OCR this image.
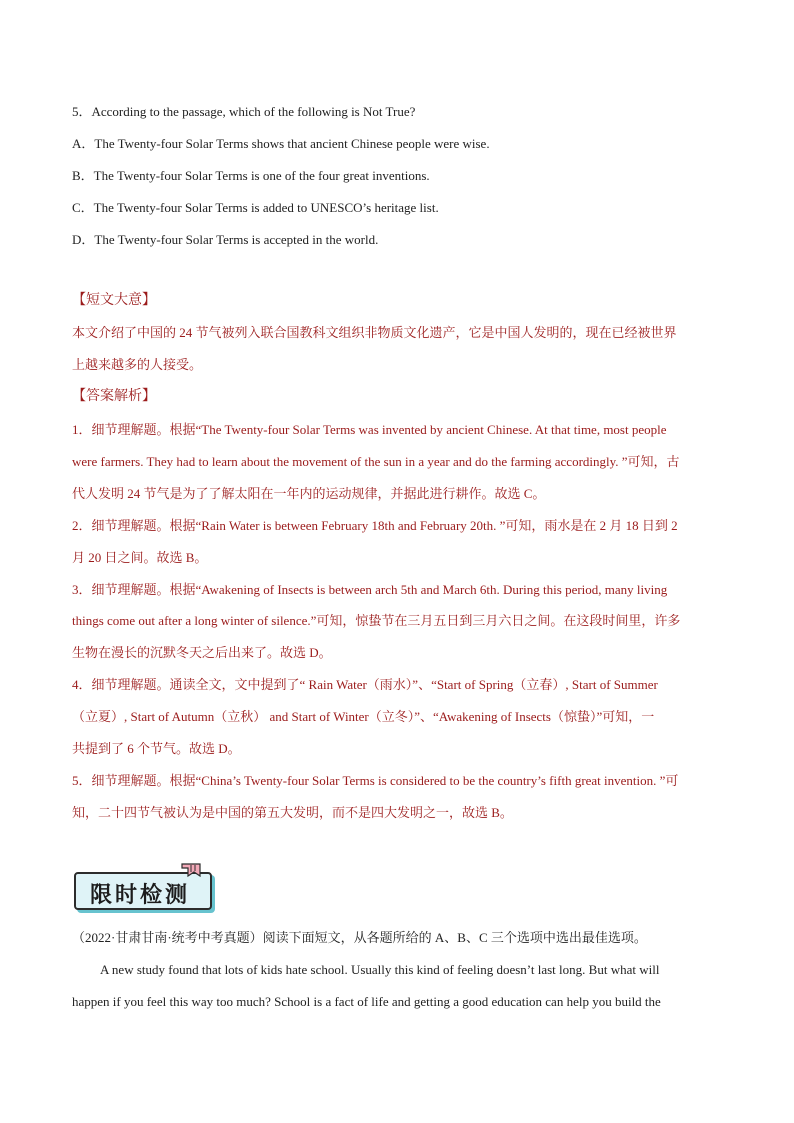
5．According to the passage, which of the following is Not True?
A．The Twenty-four Solar Terms shows that ancient Chinese people were wise.
B．The Twenty-four Solar Terms is one of the four great inventions.
C．The Twenty-four Solar Terms is added to UNESCO’s heritage list.
D．The Twenty-four Solar Terms is accepted in the world.
【短文大意】
本文介绍了中国的 24 节气被列入联合国教科文组织非物质文化遗产，它是中国人发明的，现在已经被世界
上越来越多的人接受。
【答案解析】
1．细节理解题。根据“The Twenty-four Solar Terms was invented by ancient Chinese. At that time, most people
were farmers. They had to learn about the movement of the sun in a year and do the farming accordingly. ”可知，古
代人发明 24 节气是为了了解太阳在一年内的运动规律，并据此进行耕作。故选 C。
2．细节理解题。根据“Rain Water is between February 18th and February 20th. ”可知，雨水是在 2 月 18 日到 2
月 20 日之间。故选 B。
3．细节理解题。根据“Awakening of Insects is between arch 5th and March 6th. During this period, many living
things come out after a long winter of silence.”可知，惊蛰节在三月五日到三月六日之间。在这段时间里，许多
生物在漫长的沉默冬天之后出来了。故选 D。
4．细节理解题。通读全文，文中提到了“ Rain Water（雨水）”、“Start of Spring（立春）, Start of Summer
（立夏）, Start of Autumn（立秋） and Start of Winter（立冬）”、“Awakening of Insects（惊蛰）”可知，一
共提到了 6 个节气。故选 D。
5．细节理解题。根据“China’s Twenty-four Solar Terms is considered to be the country’s fifth great invention. ”可
知，二十四节气被认为是中国的第五大发明，而不是四大发明之一，故选 B。
限时检测
（2022·甘肃甘南·统考中考真题）阅读下面短文，从各题所给的 A、B、C 三个选项中选出最佳选项。
A new study found that lots of kids hate school. Usually this kind of feeling doesn’t last long. But what will
happen if you feel this way too much? School is a fact of life and getting a good education can help you build the
